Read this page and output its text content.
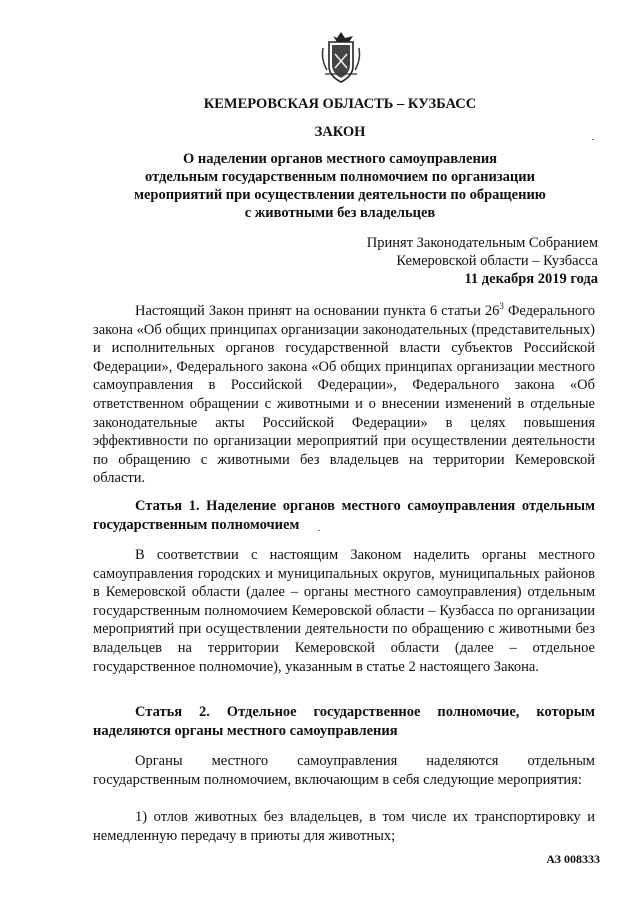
КЕМЕРОВСКАЯ ОБЛАСТЬ – КУЗБАСС
ЗАКОН
О наделении органов местного самоуправления
отдельным государственным полномочием по организации
мероприятий при осуществлении деятельности по обращению
с животными без владельцев
Принят Законодательным Собранием
Кемеровской области – Кузбасса
11 декабря 2019 года
Настоящий Закон принят на основании пункта 6 статьи $26^3$ Федерального закона «Об общих принципах организации законодательных (представительных) и исполнительных органов государственной власти субъектов Российской Федерации», Федерального закона «Об общих принципах организации местного самоуправления в Российской Федерации», Федерального закона «Об ответственном обращении с животными и о внесении изменений в отдельные законодательные акты Российской Федерации» в целях повышения эффективности по организации мероприятий при осуществлении деятельности по обращению с животными без владельцев на территории Кемеровской области.
Статья 1. Наделение органов местного самоуправления отдельным государственным полномочием
В соответствии с настоящим Законом наделить органы местного самоуправления городских и муниципальных округов, муниципальных районов в Кемеровской области (далее – органы местного самоуправления) отдельным государственным полномочием Кемеровской области – Кузбасса по организации мероприятий при осуществлении деятельности по обращению с животными без владельцев на территории Кемеровской области (далее – отдельное государственное полномочие), указанным в статье 2 настоящего Закона.
Статья 2. Отдельное государственное полномочие, которым наделяются органы местного самоуправления
Органы местного самоуправления наделяются отдельным государственным полномочием, включающим в себя следующие мероприятия:
1) отлов животных без владельцев, в том числе их транспортировку и немедленную передачу в приюты для животных;
АЗ 008333
